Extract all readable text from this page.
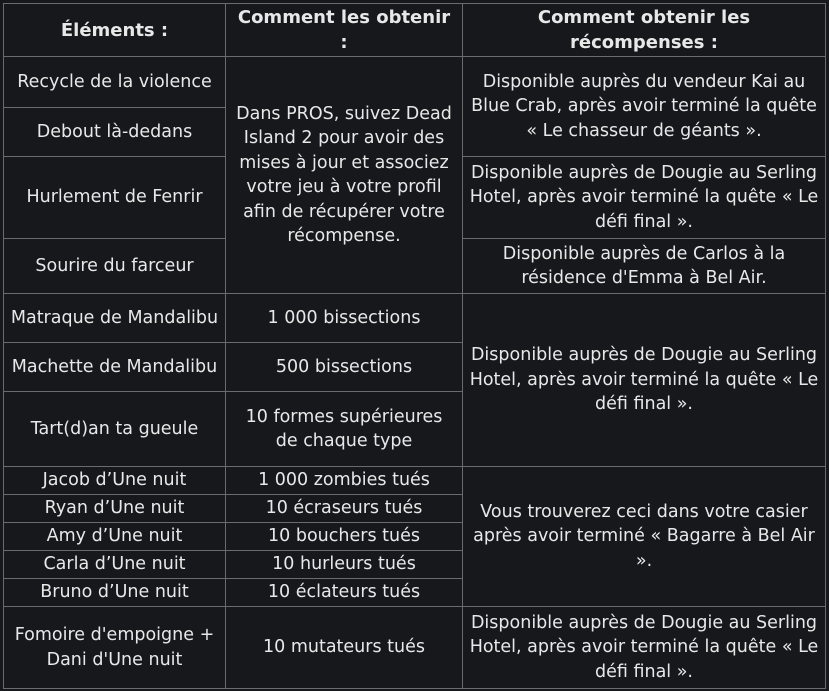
Éléments :	Comment les obtenir :	Comment obtenir les récompenses :
Recycle de la violence	Dans PROS, suivez Dead Island 2 pour avoir des mises à jour et associez votre jeu à votre profil afin de récupérer votre récompense.	Disponible auprès du vendeur Kai au Blue Crab, après avoir terminé la quête « Le chasseur de géants ».
Debout là-dedans		
Hurlement de Fenrir		Disponible auprès de Dougie au Serling Hotel, après avoir terminé la quête « Le défi final ».
Sourire du farceur		Disponible auprès de Carlos à la résidence d'Emma à Bel Air.
Matraque de Mandalibu	1 000 bissections	Disponible auprès de Dougie au Serling Hotel, après avoir terminé la quête « Le défi final ».
Machette de Mandalibu	500 bissections	
Tart(d)an ta gueule	10 formes supérieures de chaque type	
Jacob d’Une nuit	1 000 zombies tués	Vous trouverez ceci dans votre casier après avoir terminé « Bagarre à Bel Air ».
Ryan d’Une nuit	10 écraseurs tués	
Amy d’Une nuit	10 bouchers tués	
Carla d’Une nuit	10 hurleurs tués	
Bruno d’Une nuit	10 éclateurs tués	
Fomoire d'empoigne + Dani d'Une nuit	10 mutateurs tués	Disponible auprès de Dougie au Serling Hotel, après avoir terminé la quête « Le défi final ».
